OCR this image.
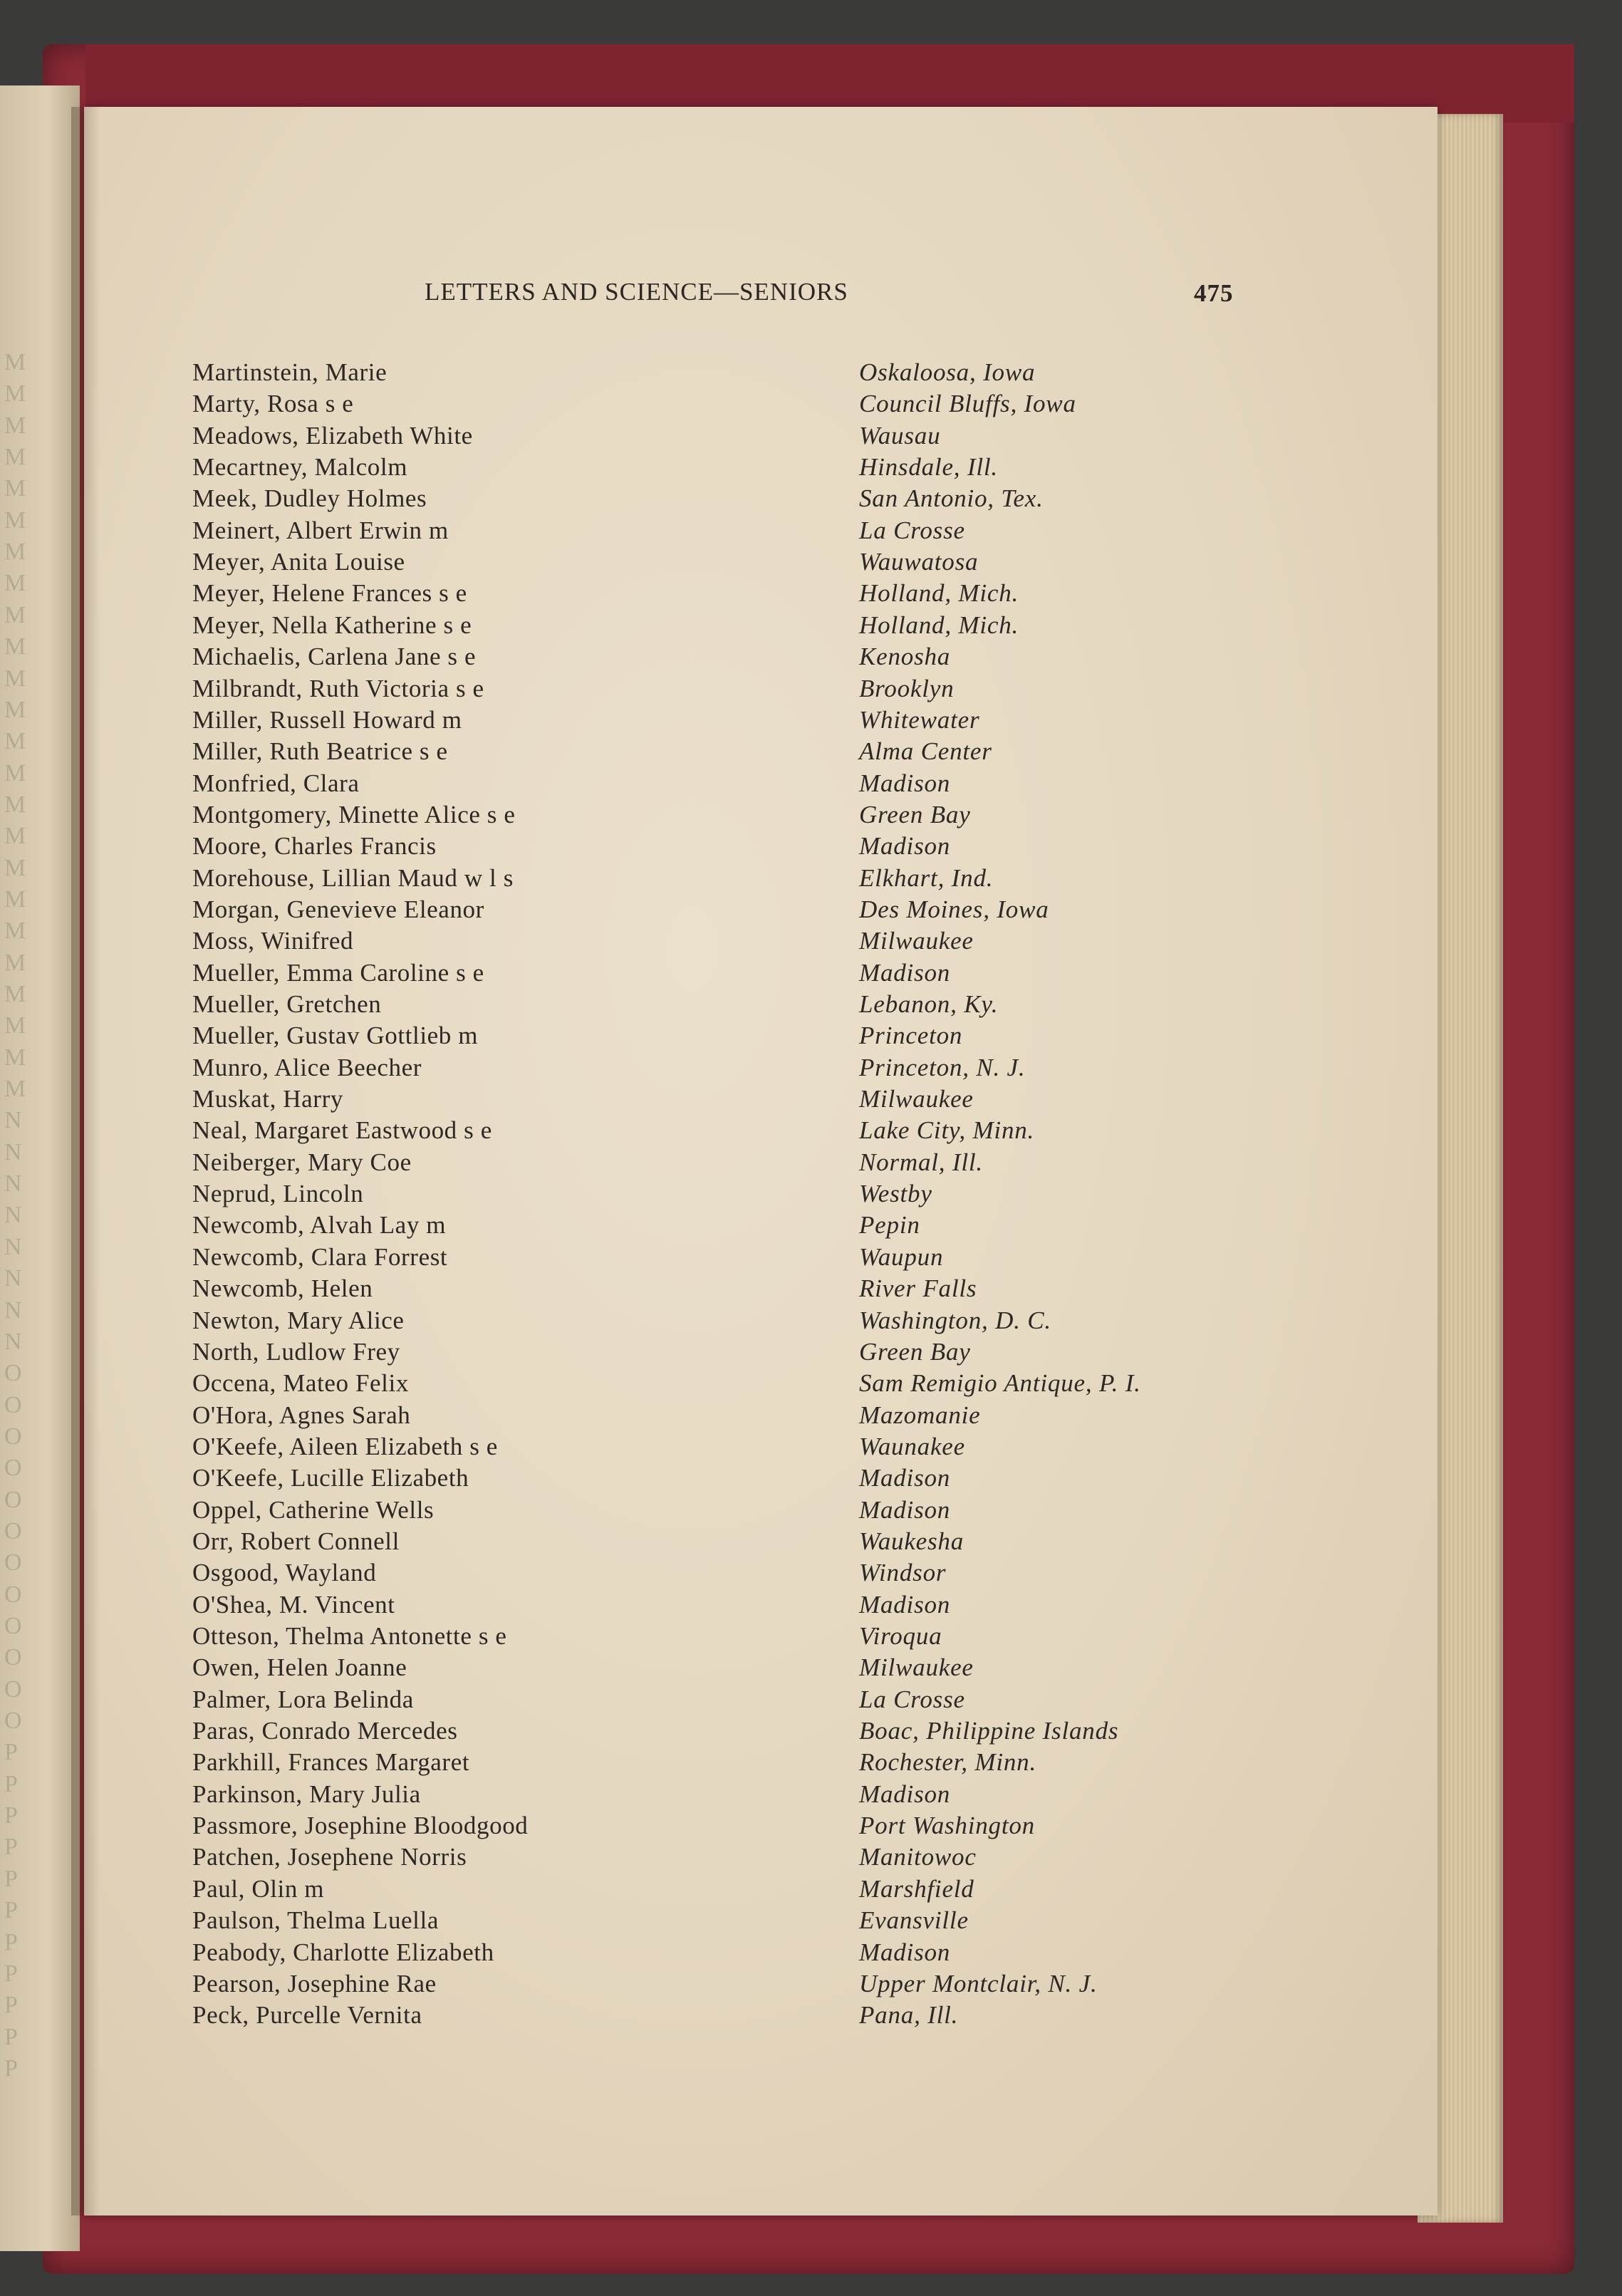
M
M
M
M
M
M
M
M
M
M
M
M
M
M
M
M
M
M
M
M
M
M
M
M
N
N
N
N
N
N
N
N
O
O
O
O
O
O
O
O
O
O
O
O
P
P
P
P
P
P
P
P
P
P
P
LETTERS AND SCIENCE—SENIORS	475
Martinstein, Marie	Oskaloosa, Iowa
Marty, Rosa s e	Council Bluffs, Iowa
Meadows, Elizabeth White	Wausau
Mecartney, Malcolm	Hinsdale, Ill.
Meek, Dudley Holmes	San Antonio, Tex.
Meinert, Albert Erwin m	La Crosse
Meyer, Anita Louise	Wauwatosa
Meyer, Helene Frances s e	Holland, Mich.
Meyer, Nella Katherine s e	Holland, Mich.
Michaelis, Carlena Jane s e	Kenosha
Milbrandt, Ruth Victoria s e	Brooklyn
Miller, Russell Howard m	Whitewater
Miller, Ruth Beatrice s e	Alma Center
Monfried, Clara	Madison
Montgomery, Minette Alice s e	Green Bay
Moore, Charles Francis	Madison
Morehouse, Lillian Maud w l s	Elkhart, Ind.
Morgan, Genevieve Eleanor	Des Moines, Iowa
Moss, Winifred	Milwaukee
Mueller, Emma Caroline s e	Madison
Mueller, Gretchen	Lebanon, Ky.
Mueller, Gustav Gottlieb m	Princeton
Munro, Alice Beecher	Princeton, N. J.
Muskat, Harry	Milwaukee
Neal, Margaret Eastwood s e	Lake City, Minn.
Neiberger, Mary Coe	Normal, Ill.
Neprud, Lincoln	Westby
Newcomb, Alvah Lay m	Pepin
Newcomb, Clara Forrest	Waupun
Newcomb, Helen	River Falls
Newton, Mary Alice	Washington, D. C.
North, Ludlow Frey	Green Bay
Occena, Mateo Felix	Sam Remigio Antique, P. I.
O'Hora, Agnes Sarah	Mazomanie
O'Keefe, Aileen Elizabeth s e	Waunakee
O'Keefe, Lucille Elizabeth	Madison
Oppel, Catherine Wells	Madison
Orr, Robert Connell	Waukesha
Osgood, Wayland	Windsor
O'Shea, M. Vincent	Madison
Otteson, Thelma Antonette s e	Viroqua
Owen, Helen Joanne	Milwaukee
Palmer, Lora Belinda	La Crosse
Paras, Conrado Mercedes	Boac, Philippine Islands
Parkhill, Frances Margaret	Rochester, Minn.
Parkinson, Mary Julia	Madison
Passmore, Josephine Bloodgood	Port Washington
Patchen, Josephene Norris	Manitowoc
Paul, Olin m	Marshfield
Paulson, Thelma Luella	Evansville
Peabody, Charlotte Elizabeth	Madison
Pearson, Josephine Rae	Upper Montclair, N. J.
Peck, Purcelle Vernita	Pana, Ill.
